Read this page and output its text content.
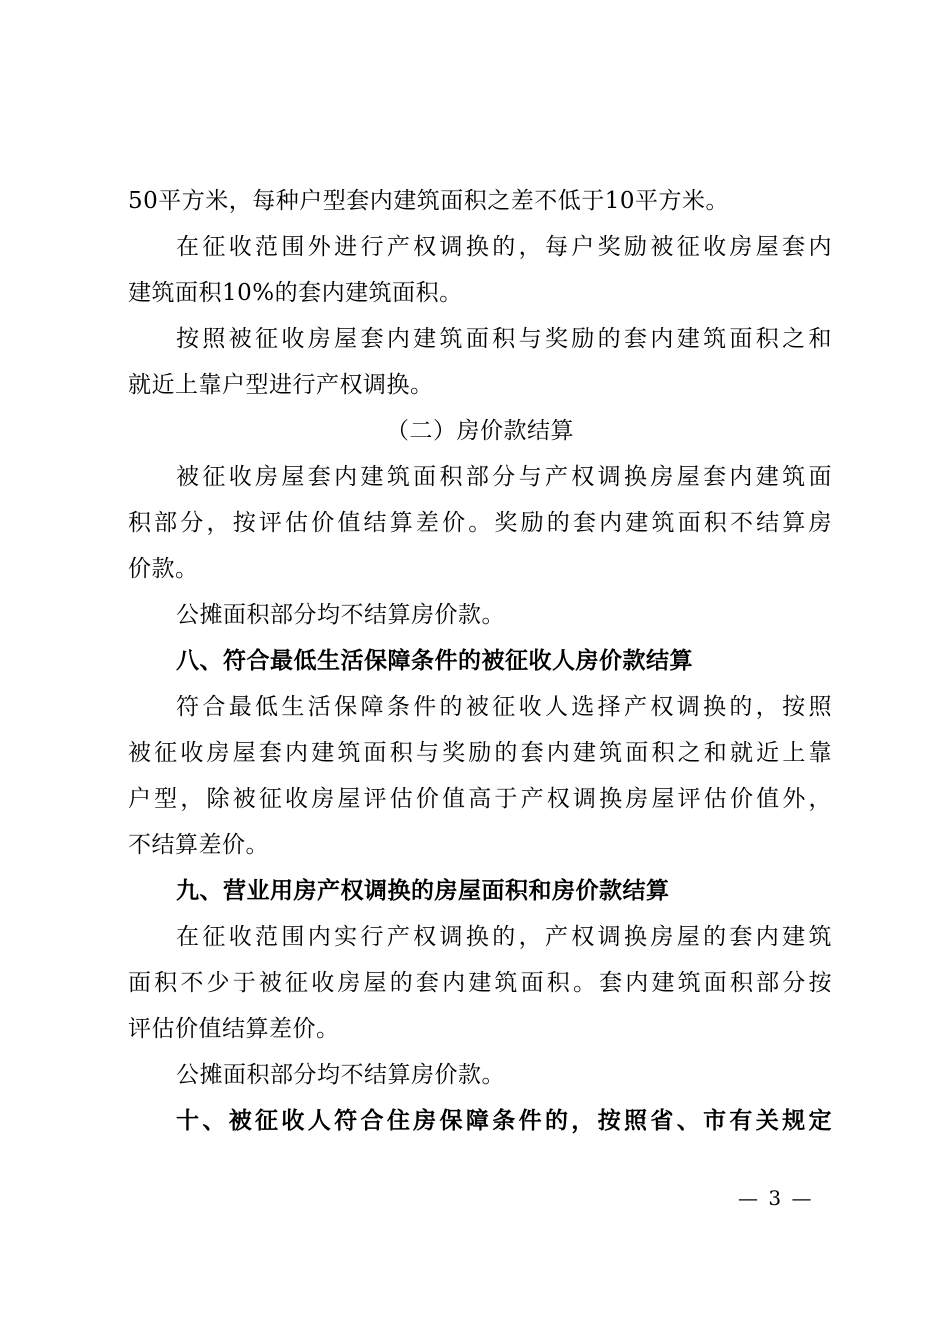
50平方米，每种户型套内建筑面积之差不低于10平方米。
在征收范围外进行产权调换的，每户奖励被征收房屋套内
建筑面积10%的套内建筑面积。
按照被征收房屋套内建筑面积与奖励的套内建筑面积之和
就近上靠户型进行产权调换。
（二）房价款结算
被征收房屋套内建筑面积部分与产权调换房屋套内建筑面
积部分，按评估价值结算差价。奖励的套内建筑面积不结算房
价款。
公摊面积部分均不结算房价款。
八、符合最低生活保障条件的被征收人房价款结算
符合最低生活保障条件的被征收人选择产权调换的，按照
被征收房屋套内建筑面积与奖励的套内建筑面积之和就近上靠
户型，除被征收房屋评估价值高于产权调换房屋评估价值外，
不结算差价。
九、营业用房产权调换的房屋面积和房价款结算
在征收范围内实行产权调换的，产权调换房屋的套内建筑
面积不少于被征收房屋的套内建筑面积。套内建筑面积部分按
评估价值结算差价。
公摊面积部分均不结算房价款。
十、被征收人符合住房保障条件的，按照省、市有关规定
— 3 —
